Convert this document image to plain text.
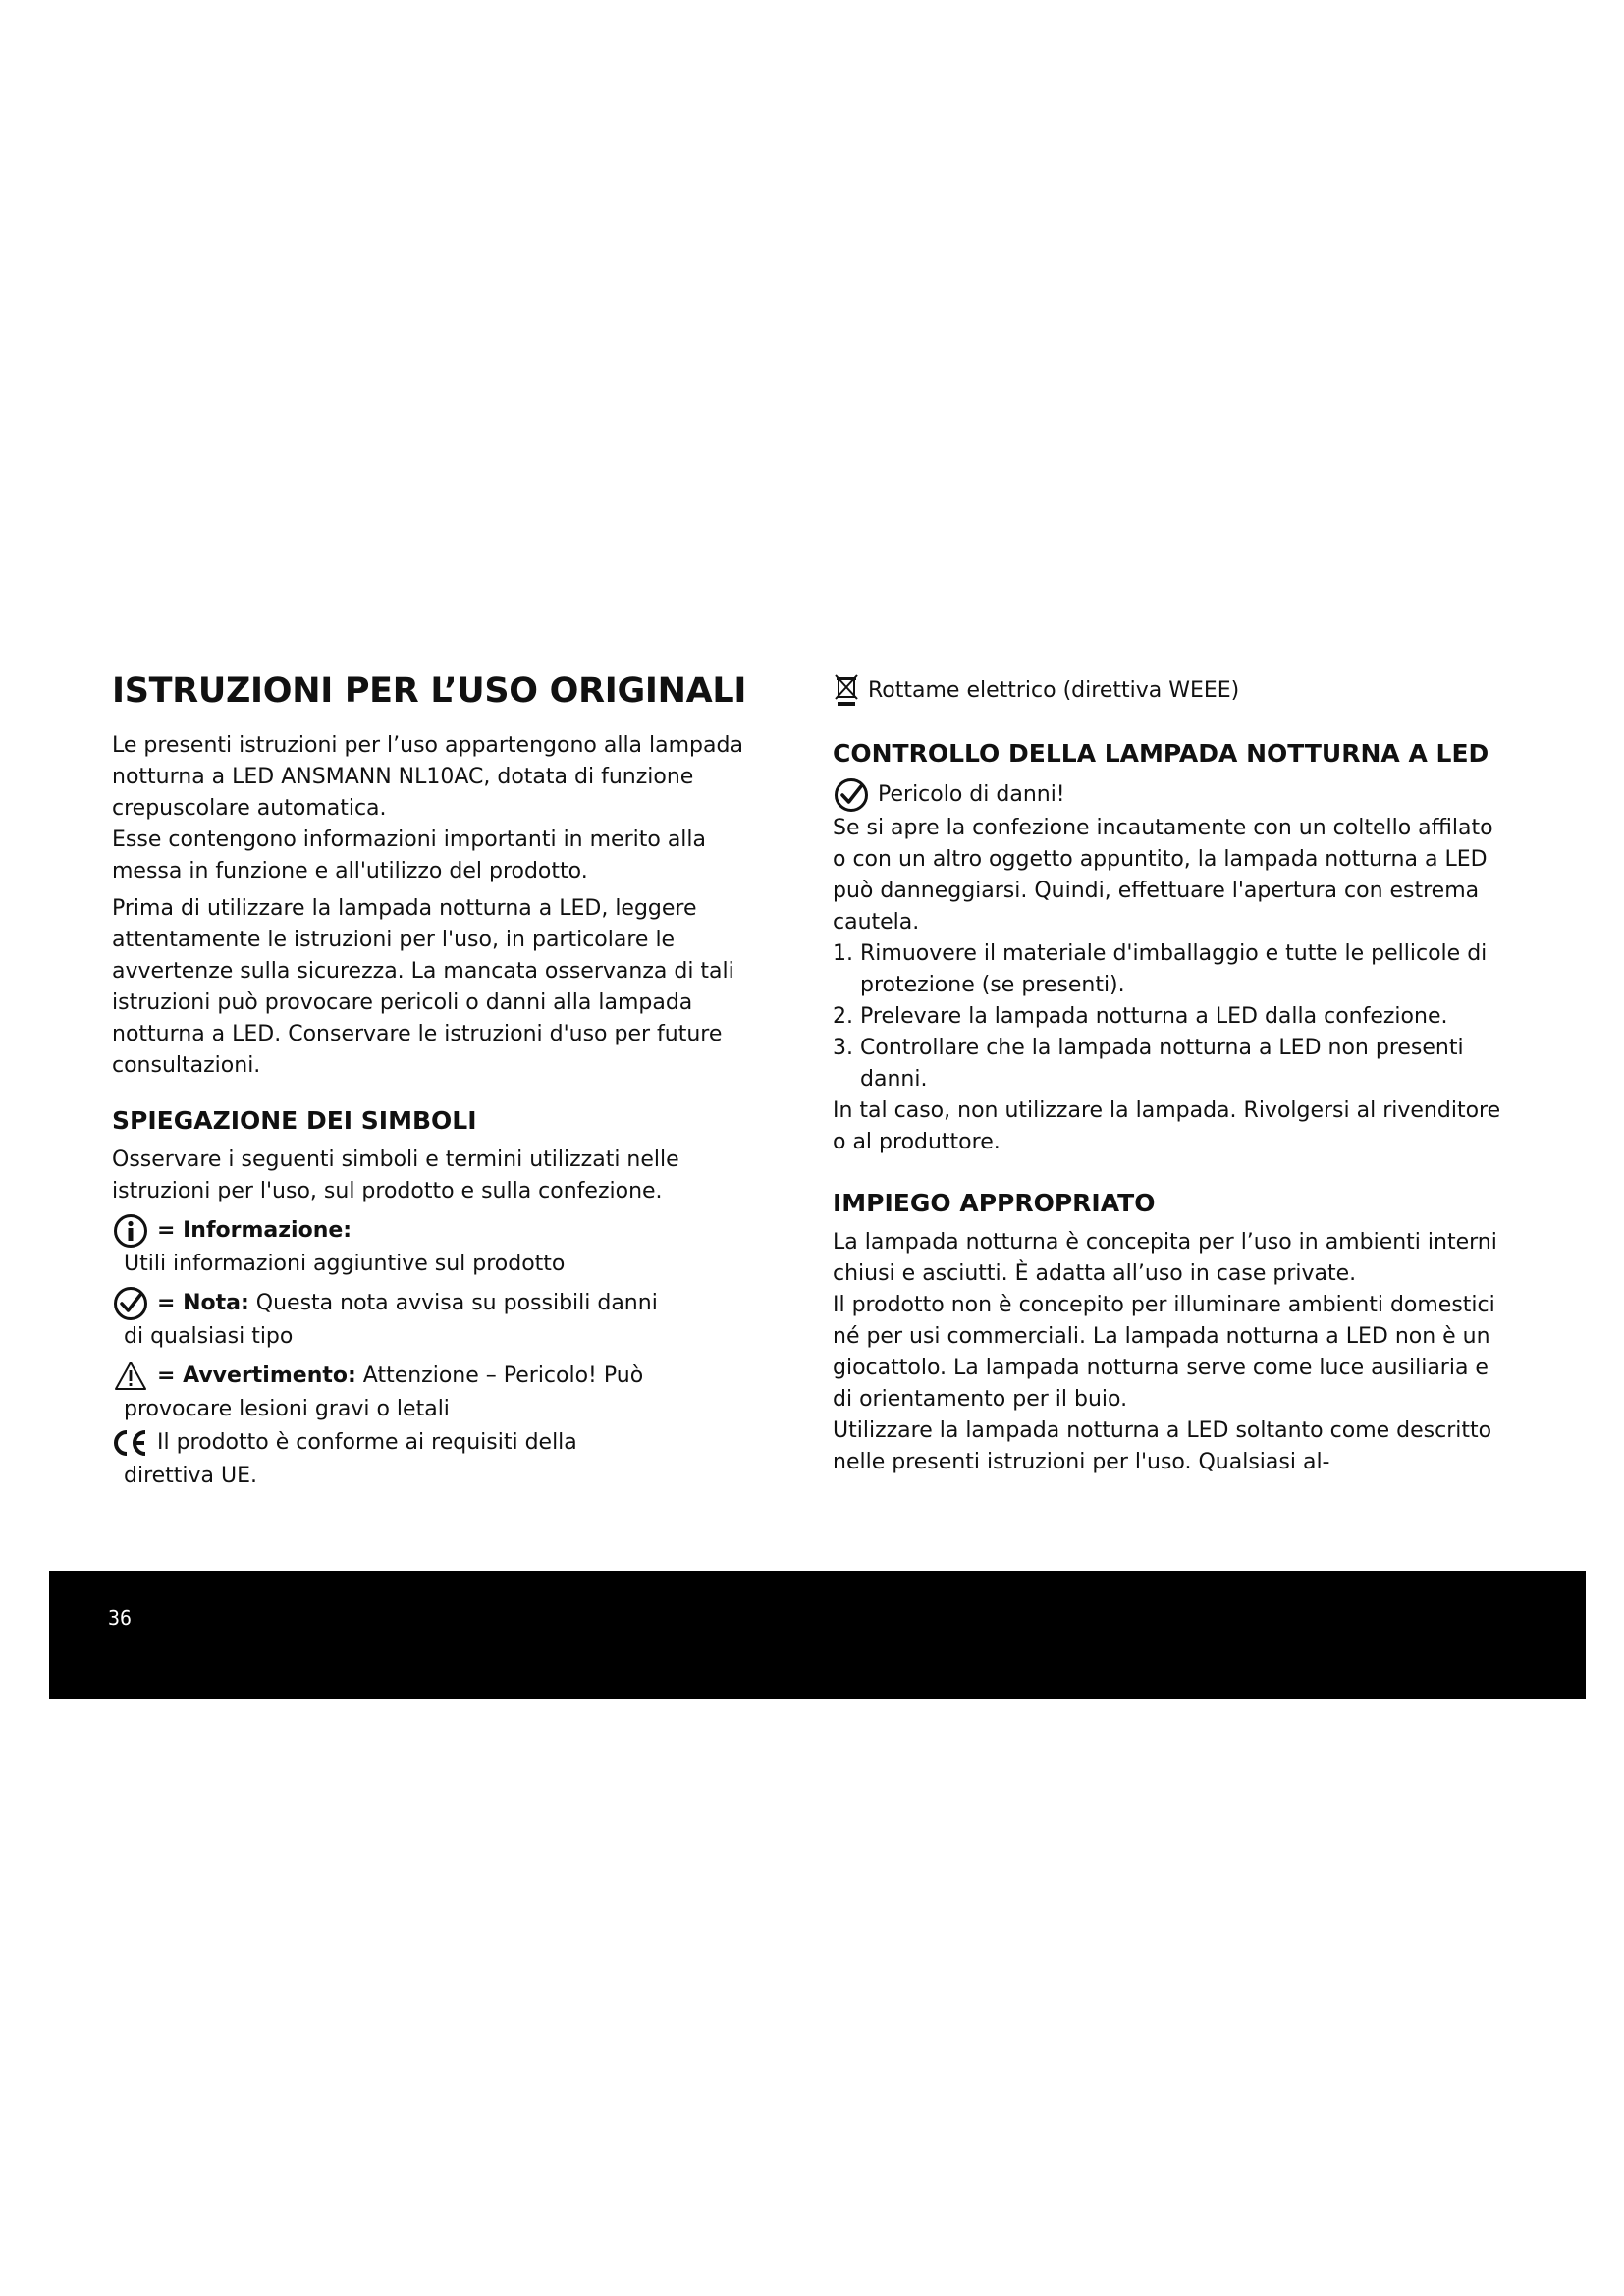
ISTRUZIONI PER L’USO ORIGINALI

Le presenti istruzioni per l’uso appartengono alla lampada notturna a LED ANSMANN NL10AC, dotata di funzione crepuscolare automatica.

Esse contengono informazioni importanti in merito alla messa in funzione e all'utilizzo del prodotto.

Prima di utilizzare la lampada notturna a LED, leggere attentamente le istruzioni per l'uso, in particolare le avvertenze sulla sicurezza. La mancata osservanza di tali istruzioni può provocare pericoli o danni alla lampada notturna a LED. Conservare le istruzioni d'uso per future consultazioni.

SPIEGAZIONE DEI SIMBOLI

Osservare i seguenti simboli e termini utilizzati nelle istruzioni per l'uso, sul prodotto e sulla confezione.

= Informazione:
Utili informazioni aggiuntive sul prodotto
= Nota: Questa nota avvisa su possibili danni
di qualsiasi tipo
= Avvertimento: Attenzione – Pericolo! Può
provocare lesioni gravi o letali
Il prodotto è conforme ai requisiti della
direttiva UE.
Rottame elettrico (direttiva WEEE)
CONTROLLO DELLA LAMPADA NOTTURNA A LED
Pericolo di danni!

Se si apre la confezione incautamente con un coltello affilato o con un altro oggetto appuntito, la lampada notturna a LED può danneggiarsi. Quindi, effettuare l'apertura con estrema cautela.

1. Rimuovere il materiale d'imballaggio e tutte le pellicole di protezione (se presenti).
2. Prelevare la lampada notturna a LED dalla confezione.
3. Controllare che la lampada notturna a LED non presenti danni.

In tal caso, non utilizzare la lampada. Rivolgersi al rivenditore o al produttore.

IMPIEGO APPROPRIATO

La lampada notturna è concepita per l’uso in ambienti interni chiusi e asciutti. È adatta all’uso in case private.

Il prodotto non è concepito per illuminare ambienti domestici né per usi commerciali. La lampada notturna a LED non è un giocattolo. La lampada notturna serve come luce ausiliaria e di orientamento per il buio.

Utilizzare la lampada notturna a LED soltanto come descritto nelle presenti istruzioni per l'uso. Qualsiasi al-

36
